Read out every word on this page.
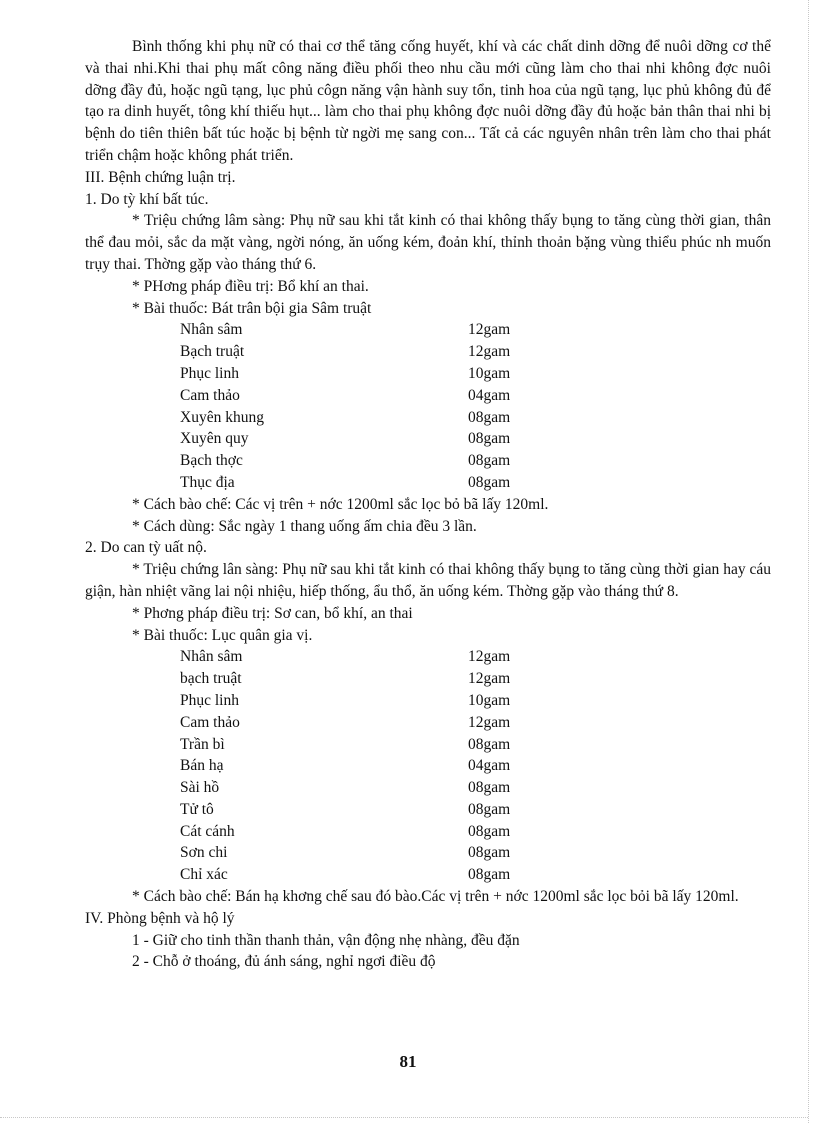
Bình thống khi phụ nữ có thai cơ thể tăng cống huyết, khí và các chất dinh dỡng để nuôi dỡng cơ thể và thai nhi.Khi thai phụ mất công năng điều phối theo nhu cầu mới cũng làm cho thai nhi không đợc nuôi dỡng đầy đủ, hoặc ngũ tạng, lục phủ côgn năng vận hành suy tổn, tinh hoa của ngũ tạng, lục phủ không đủ để tạo ra dinh huyết, tông khí thiếu hụt... làm cho thai phụ không đợc nuôi dỡng đầy đủ hoặc bản thân thai nhi bị bệnh do tiên thiên bất túc hoặc bị bệnh từ ngời mẹ sang con... Tất cả các nguyên nhân trên làm cho thai phát triển chậm hoặc không phát triển.

III. Bệnh chứng luận trị.

1. Do tỳ khí bất túc.

* Triệu chứng lâm sàng: Phụ nữ sau khi tắt kinh có thai không thấy bụng to tăng cùng thời gian, thân thể đau mỏi, sắc da mặt vàng, ngời nóng, ăn uống kém, đoản khí, thỉnh thoản bặng vùng thiểu phúc nh muốn trụy thai. Thờng gặp vào tháng thứ 6.

* PHơng pháp điều trị: Bổ khí an thai.

* Bài thuốc: Bát trân bội gia Sâm truật

Nhân sâm	12gam
Bạch truật	12gam
Phục linh	10gam
Cam thảo	04gam
Xuyên khung	08gam
Xuyên quy	08gam
Bạch thợc	08gam
Thục địa	08gam

* Cách bào chế: Các vị trên + nớc 1200ml sắc lọc bỏ bã lấy 120ml.

* Cách dùng: Sắc ngày 1 thang uống ấm chia đều 3 lần.

2. Do can tỳ uất nộ.

* Triệu chứng lân sàng: Phụ nữ sau khi tắt kinh có thai không thấy bụng to tăng cùng thời gian hay cáu giận, hàn nhiệt vãng lai nội nhiệu, hiếp thống, ẩu thổ, ăn uống kém. Thờng gặp vào tháng thứ 8.

* Phơng pháp điều trị: Sơ can, bổ khí, an thai

* Bài thuốc: Lục quân gia vị.

Nhân sâm	12gam
bạch truật	12gam
Phục linh	10gam
Cam thảo	12gam
Trần bì	08gam
Bán hạ	04gam
Sài hồ	08gam
Tử tô	08gam
Cát cánh	08gam
Sơn chi	08gam
Chỉ xác	08gam

* Cách bào chế: Bán hạ khơng chế sau đó bào.Các vị trên + nớc 1200ml sắc lọc bỏi bã lấy 120ml.

IV. Phòng bệnh và hộ lý

1 - Giữ cho tinh thần thanh thản, vận động nhẹ nhàng, đều đặn

2 - Chỗ ở thoáng, đủ ánh sáng, nghỉ ngơi điều độ

81
